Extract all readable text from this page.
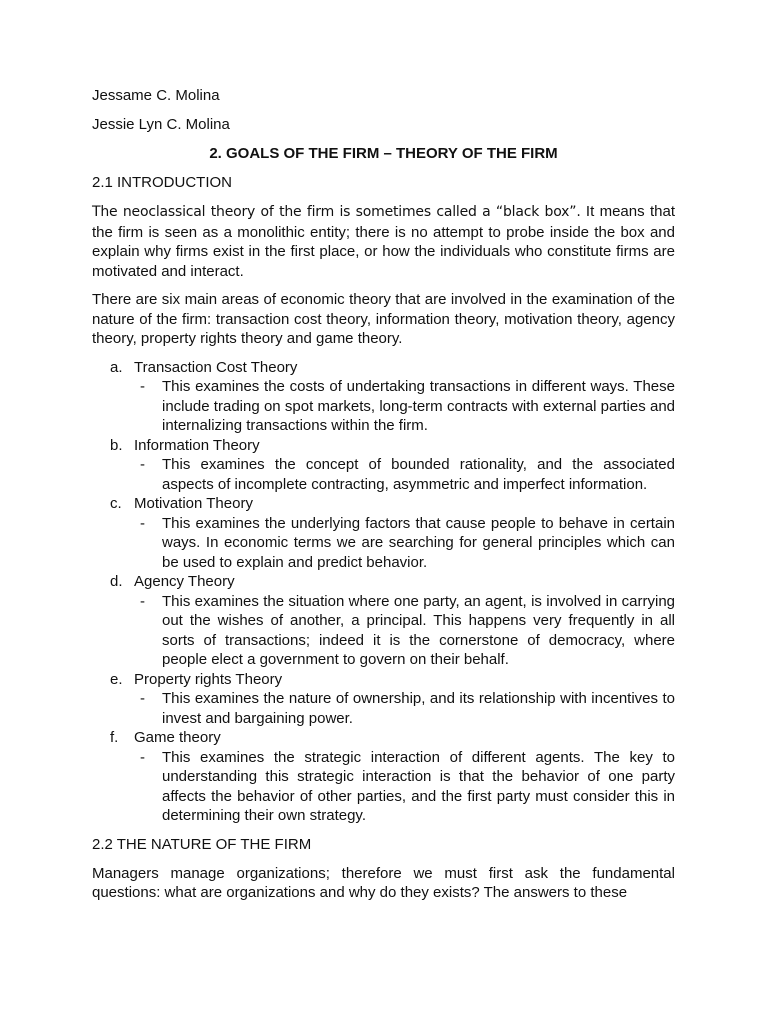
Jessame C. Molina
Jessie Lyn C. Molina
2. GOALS OF THE FIRM – THEORY OF THE FIRM
2.1 INTRODUCTION

The neoclassical theory of the firm is sometimes called a “black box”. It means that the firm is seen as a monolithic entity; there is no attempt to probe inside the box and explain why firms exist in the first place, or how the individuals who constitute firms are motivated and interact.

There are six main areas of economic theory that are involved in the examination of the nature of the firm: transaction cost theory, information theory, motivation theory, agency theory, property rights theory and game theory.

a. Transaction Cost Theory
-	This examines the costs of undertaking transactions in different ways. These include trading on spot markets, long-term contracts with external parties and internalizing transactions within the firm.
b. Information Theory
-	This examines the concept of bounded rationality, and the associated aspects of incomplete contracting, asymmetric and imperfect information.
c. Motivation Theory
-	This examines the underlying factors that cause people to behave in certain ways. In economic terms we are searching for general principles which can be used to explain and predict behavior.
d. Agency Theory
-	This examines the situation where one party, an agent, is involved in carrying out the wishes of another, a principal. This happens very frequently in all sorts of transactions; indeed it is the cornerstone of democracy, where people elect a government to govern on their behalf.
e. Property rights Theory
-	This examines the nature of ownership, and its relationship with incentives to invest and bargaining power.
f.	Game theory
-	This examines the strategic interaction of different agents. The key to understanding this strategic interaction is that the behavior of one party affects the behavior of other parties, and the first party must consider this in determining their own strategy.
2.2 THE NATURE OF THE FIRM

Managers manage organizations; therefore we must first ask the fundamental questions: what are organizations and why do they exists? The answers to these
